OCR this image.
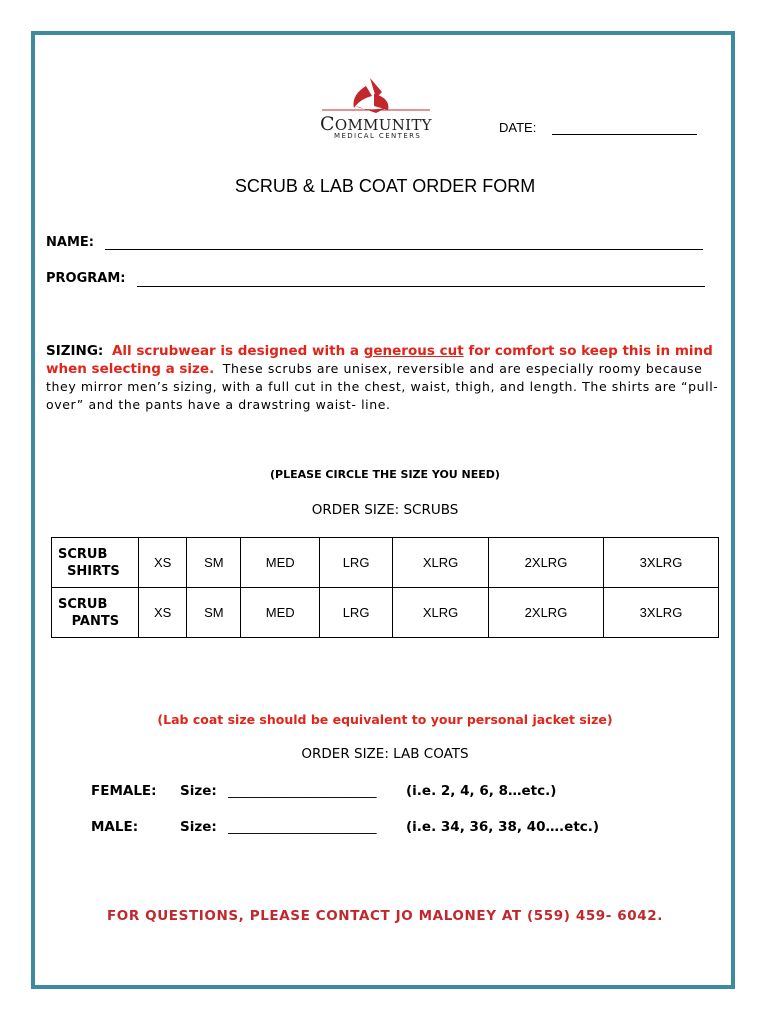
COMMUNITY
MEDICAL CENTERS
DATE:
SCRUB & LAB COAT ORDER FORM
NAME:
PROGRAM:
SIZING: All scrubwear is designed with a generous cut for comfort so keep this in mind when selecting a size. These scrubs are unisex, reversible and are especially roomy because they mirror men’s sizing, with a full cut in the chest, waist, thigh, and length. The shirts are “pull- over” and the pants have a drawstring waist- line.
(PLEASE CIRCLE THE SIZE YOU NEED)
ORDER SIZE: SCRUBS
SCRUB
SHIRTS	XS	SM	MED	LRG	XLRG	2XLRG	3XLRG
SCRUB
PANTS	XS	SM	MED	LRG	XLRG	2XLRG	3XLRG
(Lab coat size should be equivalent to your personal jacket size)
ORDER SIZE: LAB COATS
FEMALE: Size: ______________________ (i.e. 2, 4, 6, 8…etc.)
MALE:	Size: ______________________ (i.e. 34, 36, 38, 40….etc.)
FOR QUESTIONS, PLEASE CONTACT JO MALONEY AT (559) 459- 6042.
